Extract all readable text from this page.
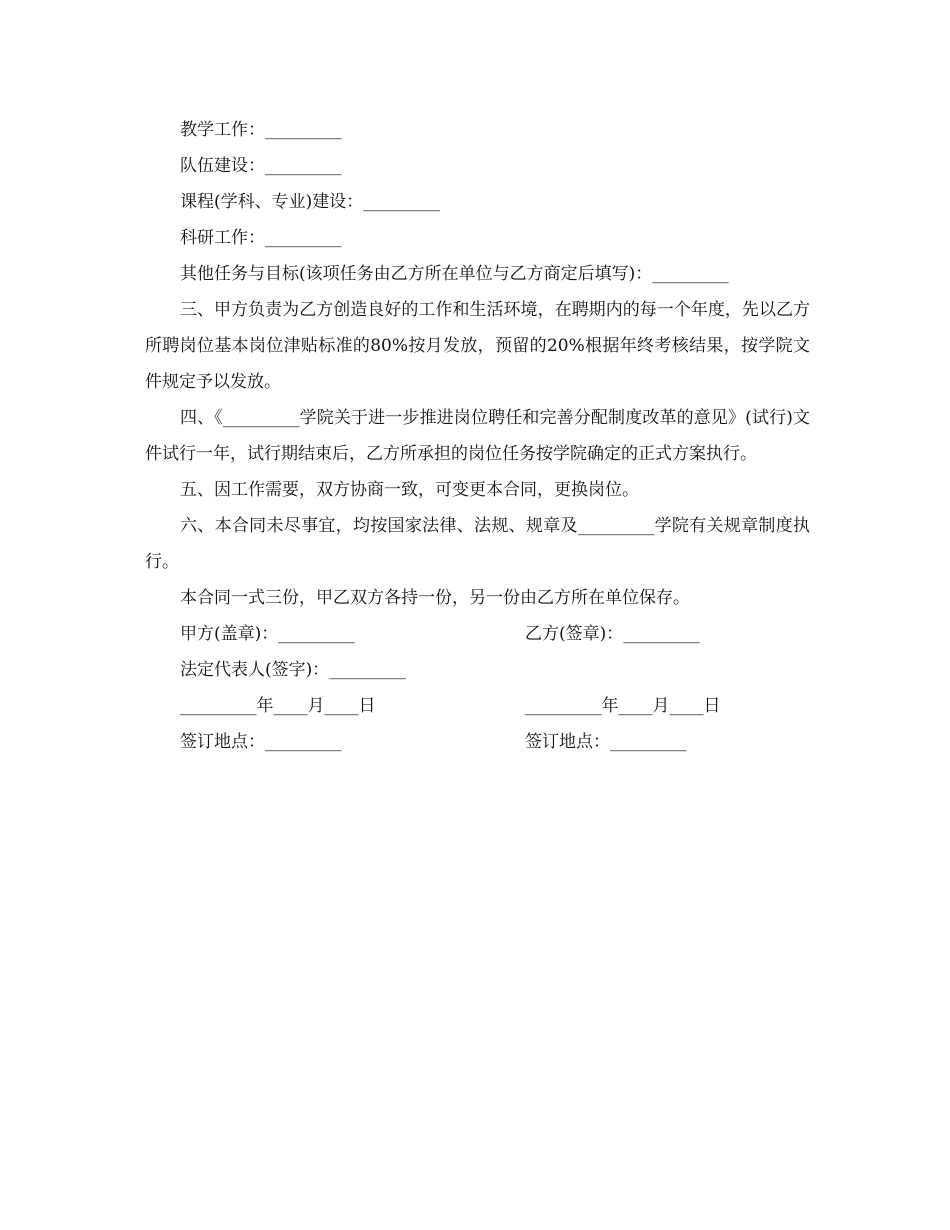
教学工作：_________
队伍建设：_________
课程(学科、专业)建设：_________
科研工作：_________
其他任务与目标(该项任务由乙方所在单位与乙方商定后填写)：_________
三、甲方负责为乙方创造良好的工作和生活环境，在聘期内的每一个年度，先以乙方所聘岗位基本岗位津贴标准的80%按月发放，预留的20%根据年终考核结果，按学院文件规定予以发放。
四、《_________学院关于进一步推进岗位聘任和完善分配制度改革的意见》(试行)文件试行一年，试行期结束后，乙方所承担的岗位任务按学院确定的正式方案执行。
五、因工作需要，双方协商一致，可变更本合同，更换岗位。
六、本合同未尽事宜，均按国家法律、法规、规章及_________学院有关规章制度执行。
本合同一式三份，甲乙双方各持一份，另一份由乙方所在单位保存。
甲方(盖章)：_________	乙方(签章)：_________
法定代表人(签字)：_________
_________年____月____日	_________年____月____日
签订地点：_________	签订地点：_________
